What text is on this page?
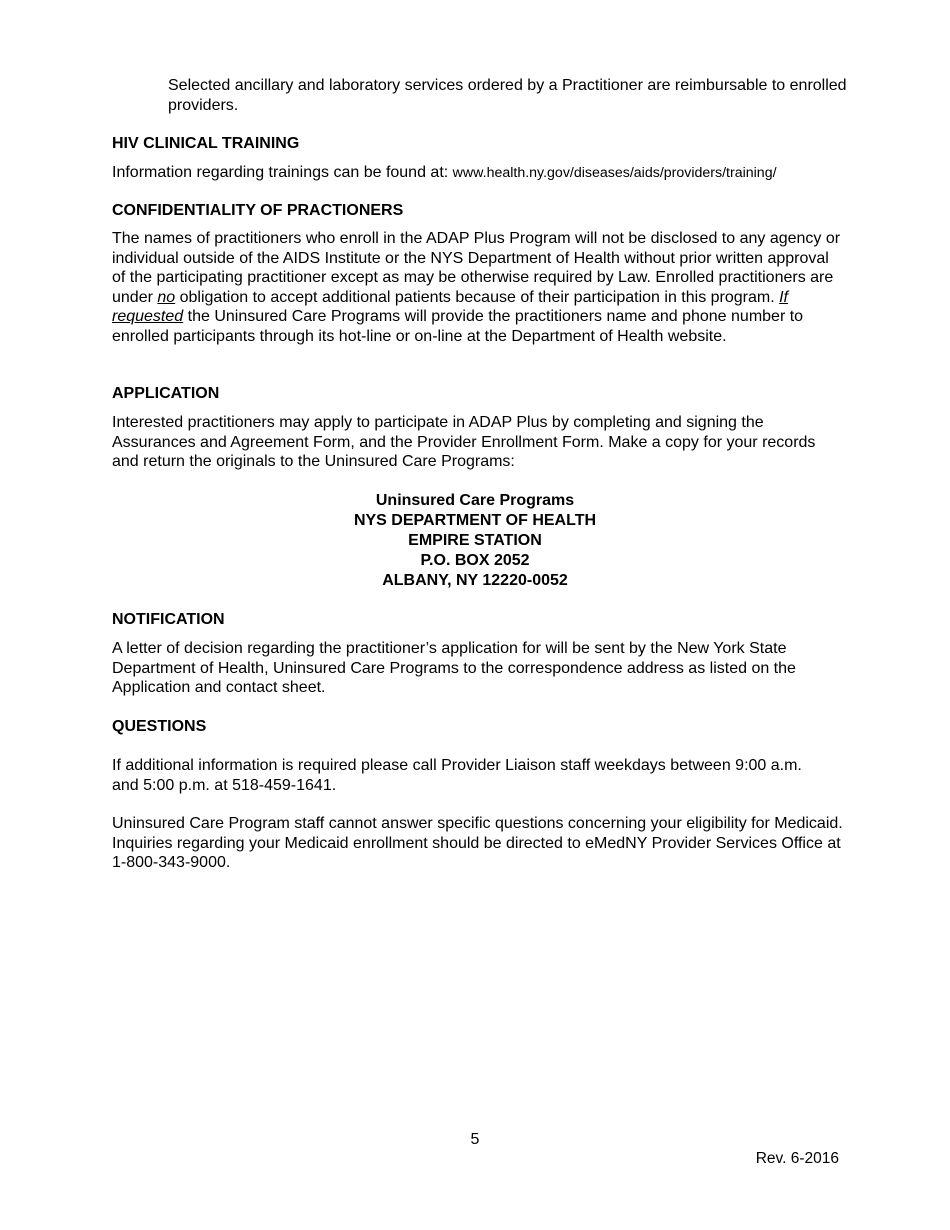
Selected ancillary and laboratory services ordered by a Practitioner are reimbursable to enrolled providers.
HIV CLINICAL TRAINING
Information regarding trainings can be found at: www.health.ny.gov/diseases/aids/providers/training/
CONFIDENTIALITY OF PRACTIONERS
The names of practitioners who enroll in the ADAP Plus Program will not be disclosed to any agency or individual outside of the AIDS Institute or the NYS Department of Health without prior written approval of the participating practitioner except as may be otherwise required by Law. Enrolled practitioners are under no obligation to accept additional patients because of their participation in this program. If requested the Uninsured Care Programs will provide the practitioners name and phone number to enrolled participants through its hot-line or on-line at the Department of Health website.
APPLICATION
Interested practitioners may apply to participate in ADAP Plus by completing and signing the Assurances and Agreement Form, and the Provider Enrollment Form. Make a copy for your records and return the originals to the Uninsured Care Programs:
Uninsured Care Programs
NYS DEPARTMENT OF HEALTH
EMPIRE STATION
P.O. BOX 2052
ALBANY, NY 12220-0052
NOTIFICATION
A letter of decision regarding the practitioner’s application for will be sent by the New York State Department of Health, Uninsured Care Programs to the correspondence address as listed on the Application and contact sheet.
QUESTIONS
If additional information is required please call Provider Liaison staff weekdays between 9:00 a.m. and 5:00 p.m. at 518-459-1641.
Uninsured Care Program staff cannot answer specific questions concerning your eligibility for Medicaid. Inquiries regarding your Medicaid enrollment should be directed to eMedNY Provider Services Office at 1-800-343-9000.
5
Rev. 6-2016
